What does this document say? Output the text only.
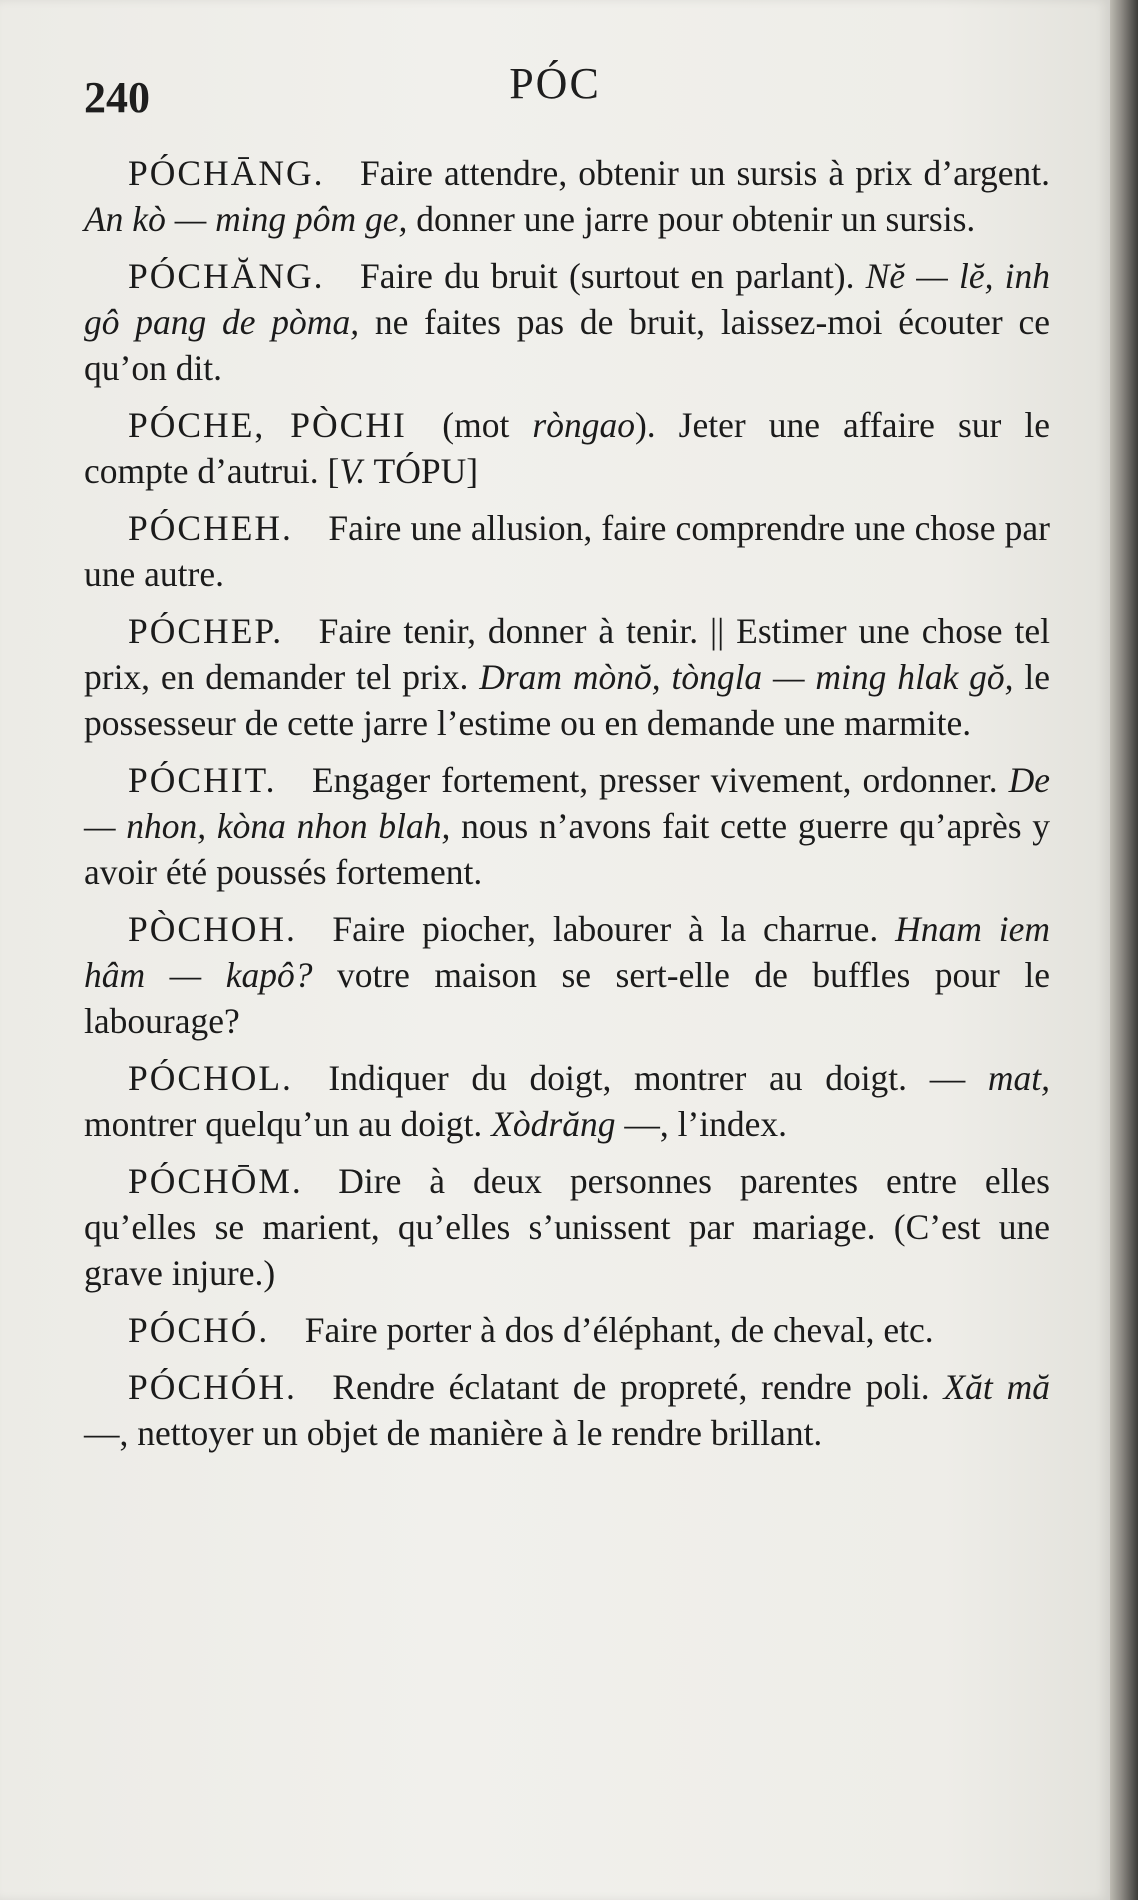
240	PÓC

PÓCHĀNG.   Faire attendre, obtenir un sursis à prix d’argent. An kò — ming pôm ge, donner une jarre pour obtenir un sursis.

PÓCHĂNG.   Faire du bruit (surtout en parlant). Nĕ — lĕ, inh gô pang de pòma, ne faites pas de bruit, laissez-moi écouter ce qu’on dit.

PÓCHE, PÒCHI   (mot ròngao). Jeter une affaire sur le compte d’autrui. [V. TÓPU]

PÓCHEH.   Faire une allusion, faire comprendre une chose par une autre.

PÓCHEP.   Faire tenir, donner à tenir. || Estimer une chose tel prix, en demander tel prix. Dram mònŏ, tòngla — ming hlak gŏ, le possesseur de cette jarre l’estime ou en demande une marmite.

PÓCHIT.   Engager fortement, presser vivement, ordonner. De — nhon, kòna nhon blah, nous n’avons fait cette guerre qu’après y avoir été poussés fortement.

PÒCHOH.   Faire piocher, labourer à la charrue. Hnam iem hâm — kapô? votre maison se sert-elle de buffles pour le labourage?

PÓCHOL.   Indiquer du doigt, montrer au doigt. — mat, montrer quelqu’un au doigt. Xòdrăng —, l’index.

PÓCHŌM.   Dire à deux personnes parentes entre elles qu’elles se marient, qu’elles s’unissent par mariage. (C’est une grave injure.)

PÓCHÓ.   Faire porter à dos d’éléphant, de cheval, etc.

PÓCHÓH.   Rendre éclatant de propreté, rendre poli. Xăt mă —, nettoyer un objet de manière à le rendre brillant.
